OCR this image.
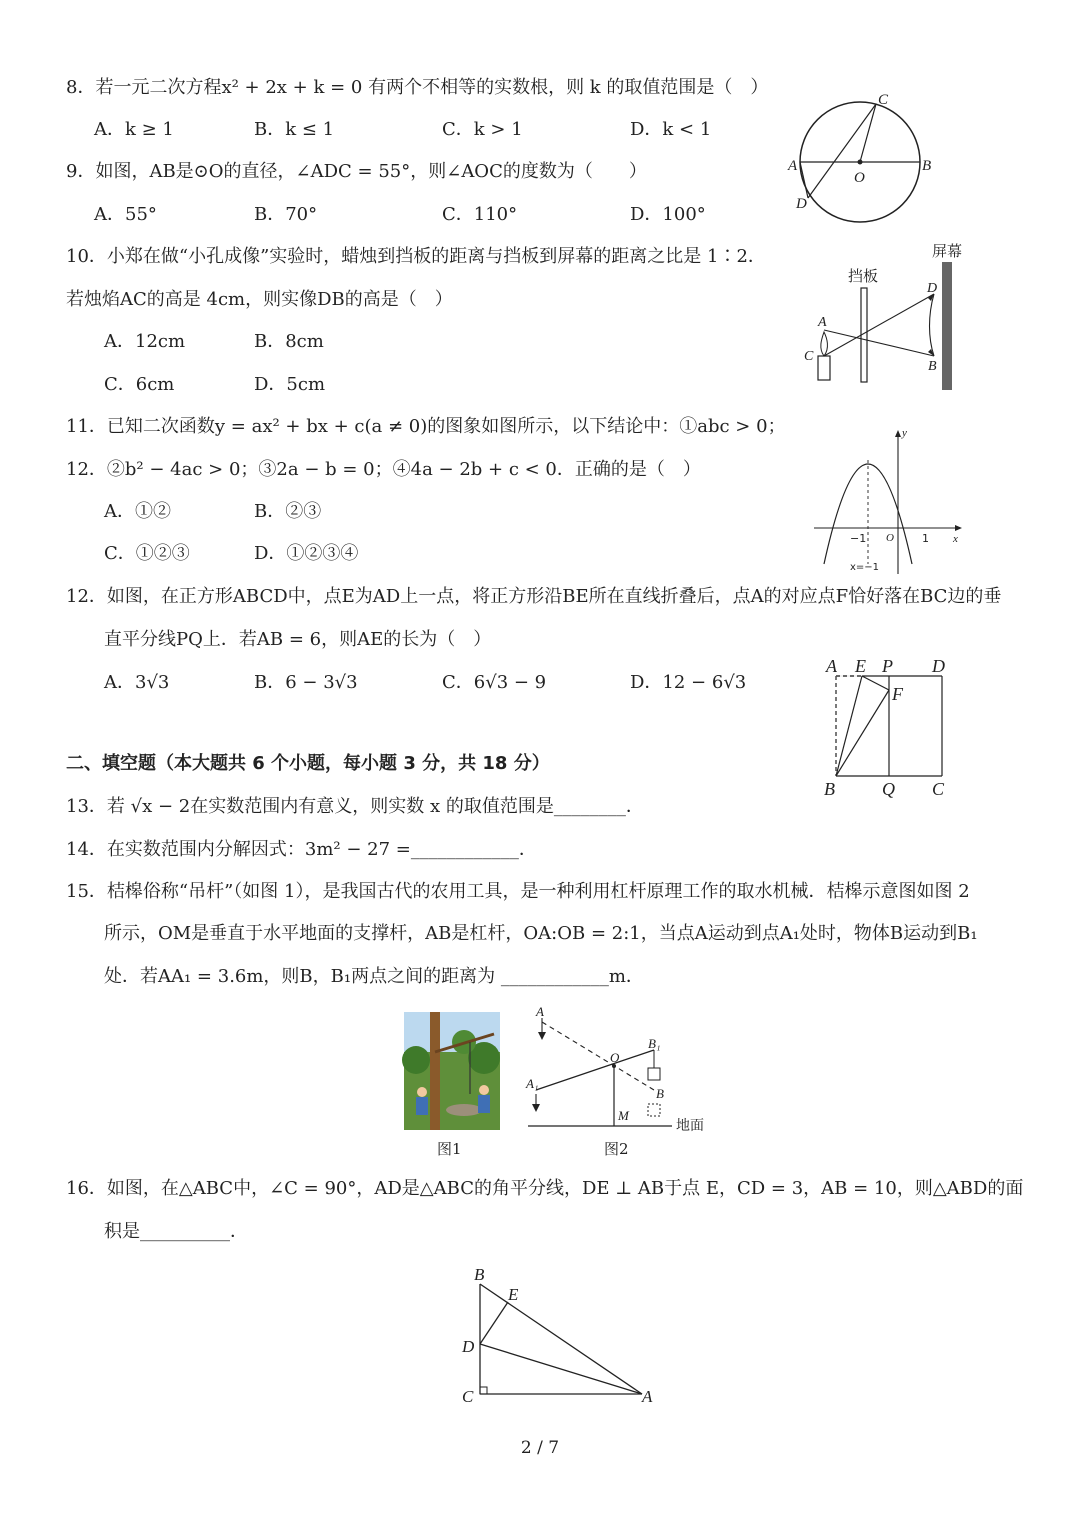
8．若一元二次方程x² + 2x + k = 0 有两个不相等的实数根，则 k 的取值范围是（　）
A．k ≥ 1	B．k ≤ 1	C．k > 1	D．k < 1
9．如图，AB是⊙O的直径，∠ADC = 55°，则∠AOC的度数为（　　）
A．55°	B．70°	C．110°	D．100°
C
A
O
B
D
10．小郑在做“小孔成像”实验时，蜡烛到挡板的距离与挡板到屏幕的距离之比是 1∶2．
若烛焰AC的高是 4cm，则实像DB的高是（　）
A．12cm	B．8cm
C．6cm	D．5cm
屏幕
挡板
A
C
D
B
11．已知二次函数y = ax² + bx + c(a ≠ 0)的图象如图所示，以下结论中：①abc > 0；
12．②b² − 4ac > 0；③2a − b = 0；④4a − 2b + c < 0．正确的是（　）
A．①②	B．②③
C．①②③	D．①②③④
y
x
O
−1	1
x=−1
12．如图，在正方形ABCD中，点E为AD上一点，将正方形沿BE所在直线折叠后，点A的对应点F恰好落在BC边的垂
直平分线PQ上．若AB = 6，则AE的长为（　）
A．3√3	B．6 − 3√3	C．6√3 − 9	D．12 − 6√3
A E P D
F
B	Q C
二、填空题（本大题共 6 个小题，每小题 3 分，共 18 分）
13．若 √x − 2在实数范围内有意义，则实数 x 的取值范围是________．
14．在实数范围内分解因式：3m² − 27 =____________．
15．桔槔俗称“吊杆”（如图 1），是我国古代的农用工具，是一种利用杠杆原理工作的取水机械．桔槔示意图如图 2
所示，OM是垂直于水平地面的支撑杆，AB是杠杆，OA:OB = 2:1，当点A运动到点A₁处时，物体B运动到B₁
处．若AA₁ = 3.6m，则B，B₁两点之间的距离为 ____________m．
图1
A
O
B₁
A₁
B
M
地面
图2
16．如图，在△ABC中，∠C = 90°，AD是△ABC的角平分线，DE ⊥ AB于点 E，CD = 3，AB = 10，则△ABD的面
积是__________．
B
E
D
C	A
2 / 7
